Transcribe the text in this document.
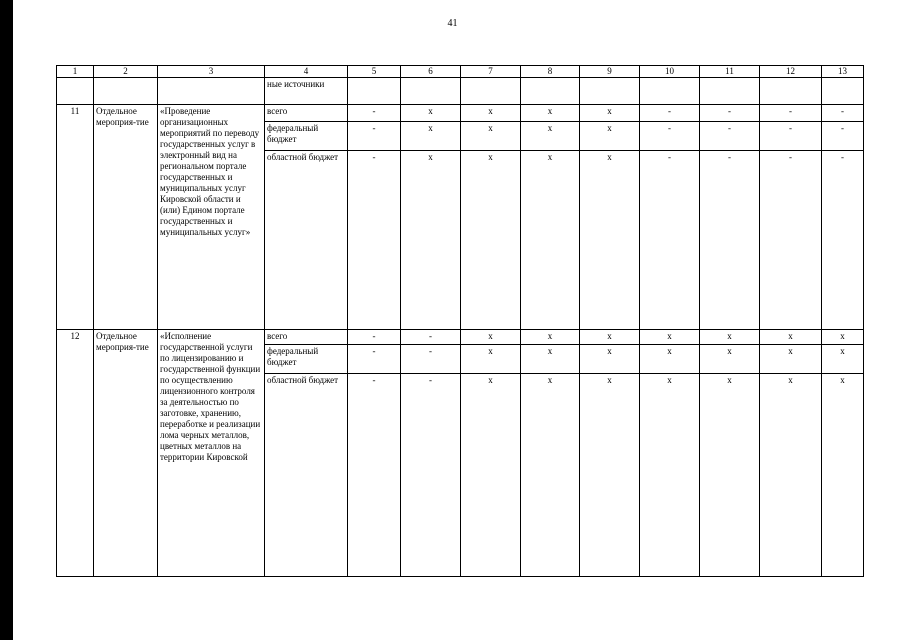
41
1	2	3	4	5	6	7	8	9	10	11	12	13
			ные источники									
11	Отдельное мероприя-тие	«Проведение организационных мероприятий по переводу государственных услуг в электронный вид на региональном портале государственных и муниципальных услуг Кировской области и (или) Едином портале государственных и муниципальных услуг»	всего	-	x	x	x	x	-	-	-	-
			федеральный бюджет	-	x	x	x	x	-	-	-	-
			областной бюджет	-	x	x	x	x	-	-	-	-
12	Отдельное мероприя-тие	«Исполнение государственной услуги по лицензированию и государственной функции по осуществлению лицензионного контроля за деятельностью по заготовке, хранению, переработке и реализации лома черных металлов, цветных металлов на территории Кировской	всего	-	-	x	x	x	x	x	x	x
			федеральный бюджет	-	-	x	x	x	x	x	x	x
			областной бюджет	-	-	x	x	x	x	x	x	x
